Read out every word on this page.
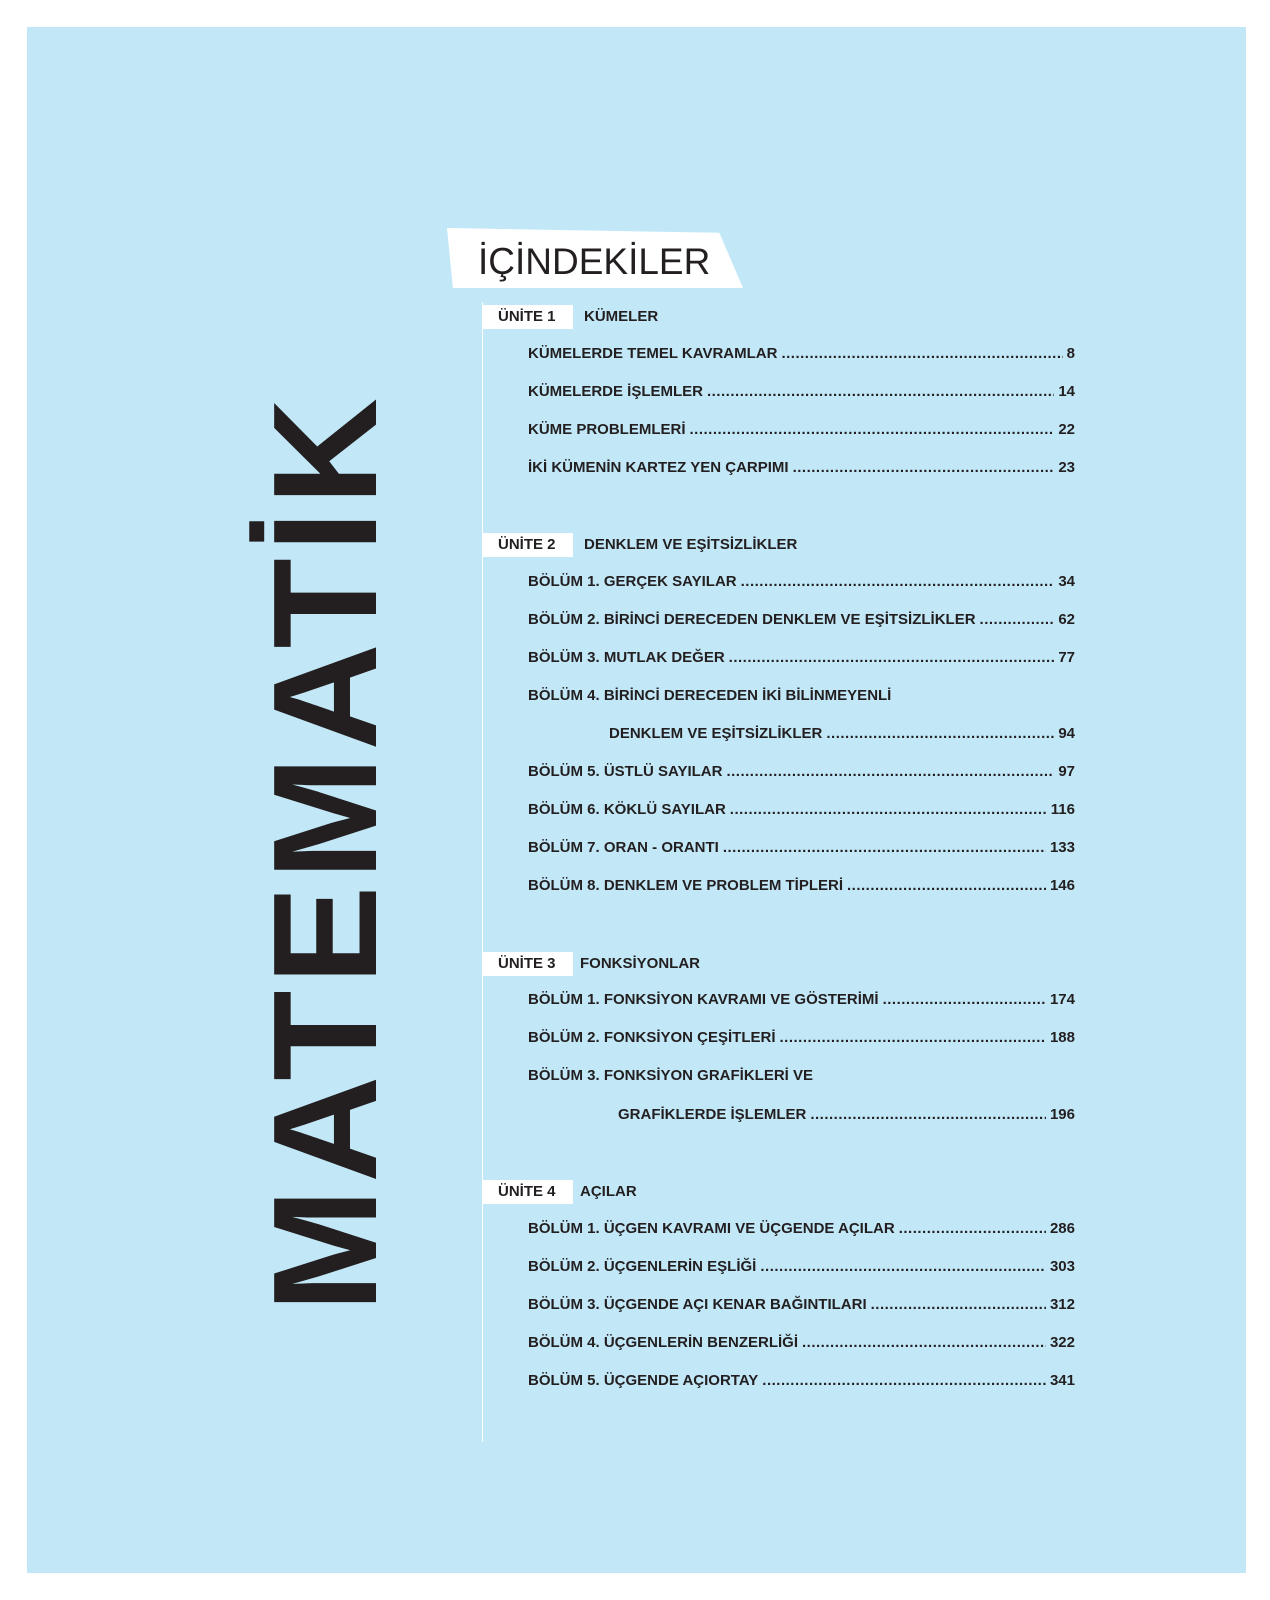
MATEMATİK
İÇİNDEKİLER
ÜNİTE 1	KÜMELER
KÜMELERDE TEMEL KAVRAMLAR .....	8
KÜMELERDE İŞLEMLER .....	14
KÜME PROBLEMLERİ .....	22
İKİ KÜMENİN KARTEZ YEN ÇARPIMI .....	23
ÜNİTE 2	DENKLEM VE EŞİTSİZLİKLER
BÖLÜM 1. GERÇEK SAYILAR .....	34
BÖLÜM 2. BİRİNCİ DERECEDEN DENKLEM VE EŞİTSİZLİKLER .....	62
BÖLÜM 3. MUTLAK DEĞER .....	77
BÖLÜM 4. BİRİNCİ DERECEDEN İKİ BİLİNMEYENLİ
DENKLEM VE EŞİTSİZLİKLER .....	94
BÖLÜM 5. ÜSTLÜ SAYILAR .....	97
BÖLÜM 6. KÖKLÜ SAYILAR .....	116
BÖLÜM 7. ORAN - ORANTI .....	133
BÖLÜM 8. DENKLEM VE PROBLEM TİPLERİ .....	146
ÜNİTE 3	FONKSİYONLAR
BÖLÜM 1. FONKSİYON KAVRAMI VE GÖSTERİMİ .....	174
BÖLÜM 2. FONKSİYON ÇEŞİTLERİ .....	188
BÖLÜM 3. FONKSİYON GRAFİKLERİ VE
GRAFİKLERDE İŞLEMLER .....	196
ÜNİTE 4	AÇILAR
BÖLÜM 1. ÜÇGEN KAVRAMI VE ÜÇGENDE AÇILAR .....	286
BÖLÜM 2. ÜÇGENLERİN EŞLİĞİ .....	303
BÖLÜM 3. ÜÇGENDE AÇI KENAR BAĞINTILARI .....	312
BÖLÜM 4. ÜÇGENLERİN BENZERLİĞİ .....	322
BÖLÜM 5. ÜÇGENDE AÇIORTAY .....	341
